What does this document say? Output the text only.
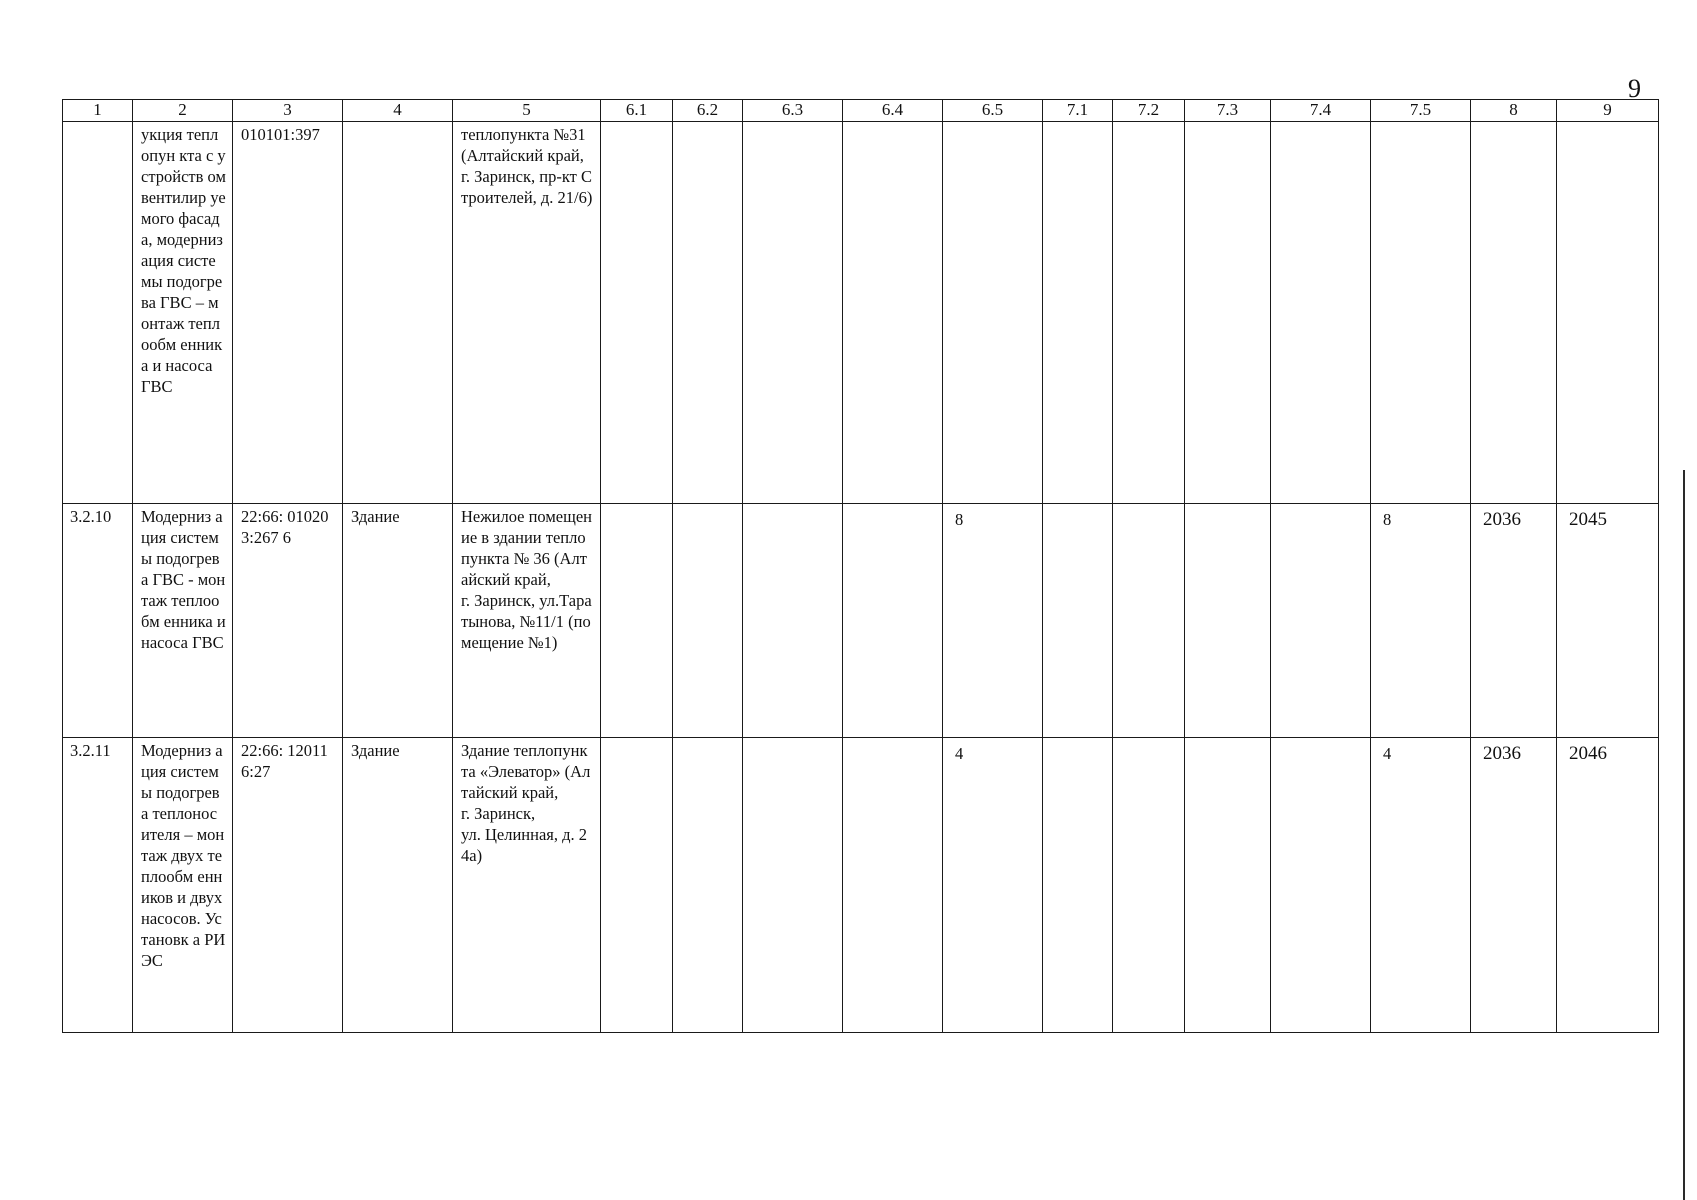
9
1	2	3	4	5	6.1	6.2	6.3	6.4	6.5	7.1	7.2	7.3	7.4	7.5	8	9
	укция теплопун кта с устройств ом вентилир уемого фасада, модерниз ация системы подогрева ГВС – монтаж теплообм енника и насоса ГВС	010101:397		теплопункта №31 (Алтайский край,
г. Заринск, пр-кт Строителей, д. 21/6)												
3.2.10	Модерниз ация системы подогрева ГВС - монтаж теплообм енника и насоса ГВС	22:66: 010203:267 6	Здание	Нежилое помещение в здании теплопункта № 36 (Алтайский край,
г. Заринск, ул.Таратынова, №11/1 (помещение №1)					8					8	2036	2045
3.2.11	Модерниз ация системы подогрева теплонос ителя – монтаж двух теплообм енников и двух насосов. Установк а РИЭС	22:66: 120116:27	Здание	Здание теплопункта «Элеватор» (Алтайский край,
г. Заринск,
ул. Целинная, д. 24а)					4					4	2036	2046
